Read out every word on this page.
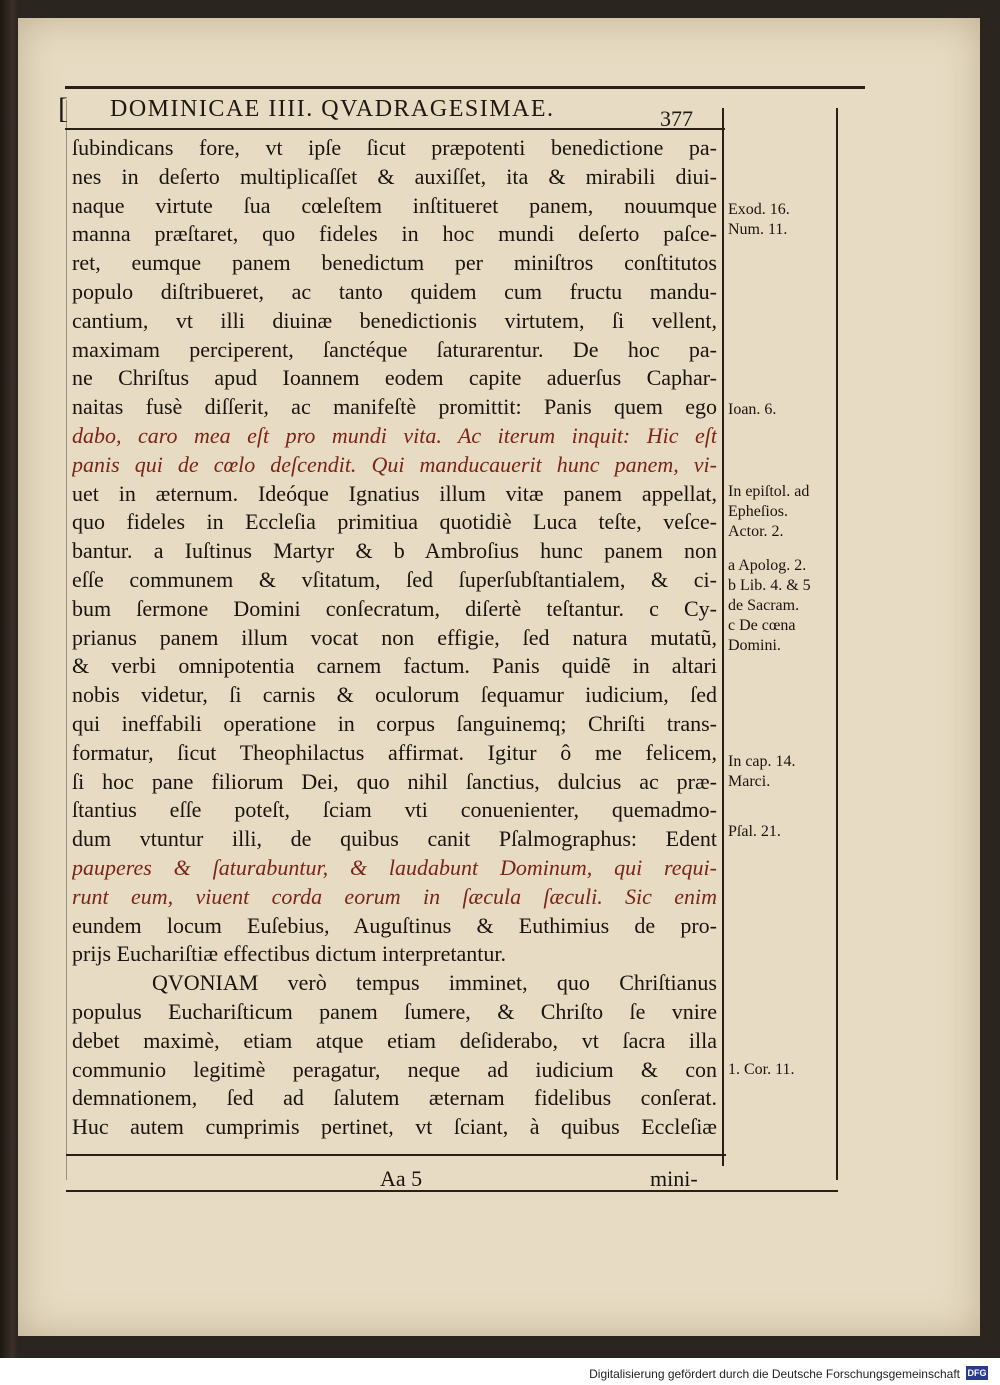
[ DOMINICAE IIII. QVADRAGESIMAE.	377
ſubindicans fore, vt ipſe ſicut præpotenti benedictione pa-
nes in deſerto multiplicaſſet & auxiſſet, ita & mirabili diui-
naque virtute ſua cœleſtem inſtitueret panem, nouumque
manna præſtaret, quo fideles in hoc mundi deſerto paſce-
ret, eumque panem benedictum per miniſtros conſtitutos
populo diſtribueret, ac tanto quidem cum fructu mandu-
cantium, vt illi diuinæ benedictionis virtutem, ſi vellent,
maximam perciperent, ſanctéque ſaturarentur. De hoc pa-
ne Chriſtus apud Ioannem eodem capite aduerſus Caphar-
naitas fusè diſſerit, ac manifeſtè promittit: Panis quem ego
dabo, caro mea eſt pro mundi vita. Ac iterum inquit: Hic eſt
panis qui de cœlo deſcendit. Qui manducauerit hunc panem, vi-
uet in æternum. Ideóque Ignatius illum vitæ panem appellat,
quo fideles in Eccleſia primitiua quotidiè Luca teſte, veſce-
bantur. a Iuſtinus Martyr & b Ambroſius hunc panem non
eſſe communem & vſitatum, ſed ſuperſubſtantialem, & ci-
bum ſermone Domini conſecratum, diſertè teſtantur. c Cy-
prianus panem illum vocat non effigie, ſed natura mutatũ,
& verbi omnipotentia carnem factum. Panis quidẽ in altari
nobis videtur, ſi carnis & oculorum ſequamur iudicium, ſed
qui ineffabili operatione in corpus ſanguinemq; Chriſti trans-
formatur, ſicut Theophilactus affirmat. Igitur ô me felicem,
ſi hoc pane filiorum Dei, quo nihil ſanctius, dulcius ac præ-
ſtantius eſſe poteſt, ſciam vti conuenienter, quemadmo-
dum vtuntur illi, de quibus canit Pſalmographus: Edent
pauperes & ſaturabuntur, & laudabunt Dominum, qui requi-
runt eum, viuent corda eorum in ſæcula ſæculi. Sic enim
eundem locum Euſebius, Auguſtinus & Euthimius de pro-
prijs Euchariſtiæ effectibus dictum interpretantur.
QVONIAM verò tempus imminet, quo Chriſtianus
populus Euchariſticum panem ſumere, & Chriſto ſe vnire
debet maximè, etiam atque etiam deſiderabo, vt ſacra illa
communio legitimè peragatur, neque ad iudicium & con
demnationem, ſed ad ſalutem æternam fidelibus conſerat.
Huc autem cumprimis pertinet, vt ſciant, à quibus Eccleſiæ
Exod. 16.
Num. 11.
Ioan. 6.
In epiſtol. ad
Epheſios.
Actor. 2.
a Apolog. 2.
b Lib. 4. & 5
de Sacram.
c De cœna
Domini.
In cap. 14.
Marci.
Pſal. 21.
1. Cor. 11.
Aa 5	mini-
Digitalisierung gefördert durch die Deutsche Forschungsgemeinschaft DFG
